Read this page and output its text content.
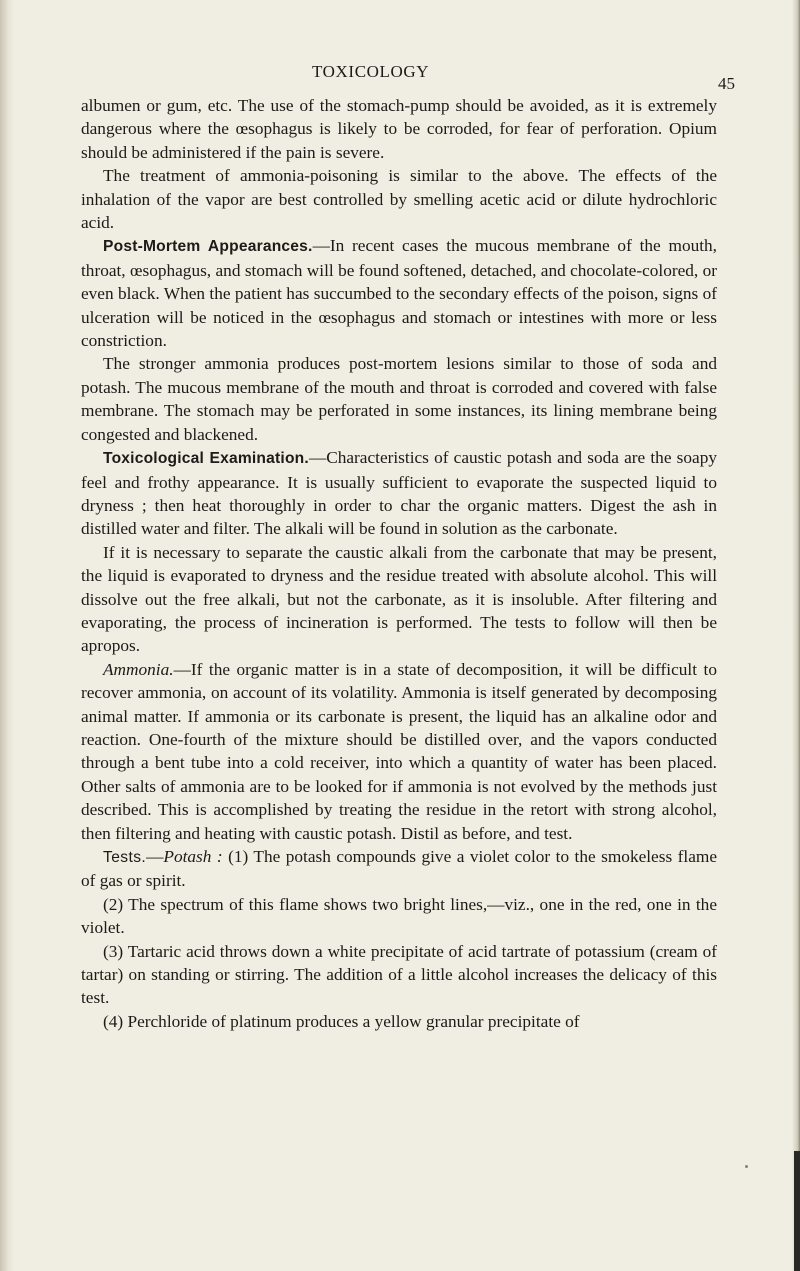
TOXICOLOGY
45

albumen or gum, etc. The use of the stomach-pump should be avoided, as it is extremely dangerous where the œsophagus is likely to be corroded, for fear of perforation. Opium should be administered if the pain is severe.

The treatment of ammonia-poisoning is similar to the above. The effects of the inhalation of the vapor are best controlled by smelling acetic acid or dilute hydrochloric acid.

Post-Mortem Appearances.—In recent cases the mucous membrane of the mouth, throat, œsophagus, and stomach will be found softened, detached, and chocolate-colored, or even black. When the patient has succumbed to the secondary effects of the poison, signs of ulceration will be noticed in the œsophagus and stomach or intestines with more or less constriction.

The stronger ammonia produces post-mortem lesions similar to those of soda and potash. The mucous membrane of the mouth and throat is corroded and covered with false membrane. The stomach may be perforated in some instances, its lining membrane being congested and blackened.

Toxicological Examination.—Characteristics of caustic potash and soda are the soapy feel and frothy appearance. It is usually sufficient to evaporate the suspected liquid to dryness ; then heat thoroughly in order to char the organic matters. Digest the ash in distilled water and filter. The alkali will be found in solution as the carbonate.

If it is necessary to separate the caustic alkali from the carbonate that may be present, the liquid is evaporated to dryness and the residue treated with absolute alcohol. This will dissolve out the free alkali, but not the carbonate, as it is insoluble. After filtering and evaporating, the process of incineration is performed. The tests to follow will then be apropos.

Ammonia.—If the organic matter is in a state of decomposition, it will be difficult to recover ammonia, on account of its volatility. Ammonia is itself generated by decomposing animal matter. If ammonia or its carbonate is present, the liquid has an alkaline odor and reaction. One-fourth of the mixture should be distilled over, and the vapors conducted through a bent tube into a cold receiver, into which a quantity of water has been placed. Other salts of ammonia are to be looked for if ammonia is not evolved by the methods just described. This is accomplished by treating the residue in the retort with strong alcohol, then filtering and heating with caustic potash. Distil as before, and test.

Tests.—Potash : (1) The potash compounds give a violet color to the smokeless flame of gas or spirit.

(2) The spectrum of this flame shows two bright lines,—viz., one in the red, one in the violet.

(3) Tartaric acid throws down a white precipitate of acid tartrate of potassium (cream of tartar) on standing or stirring. The addition of a little alcohol increases the delicacy of this test.

(4) Perchloride of platinum produces a yellow granular precipitate of
